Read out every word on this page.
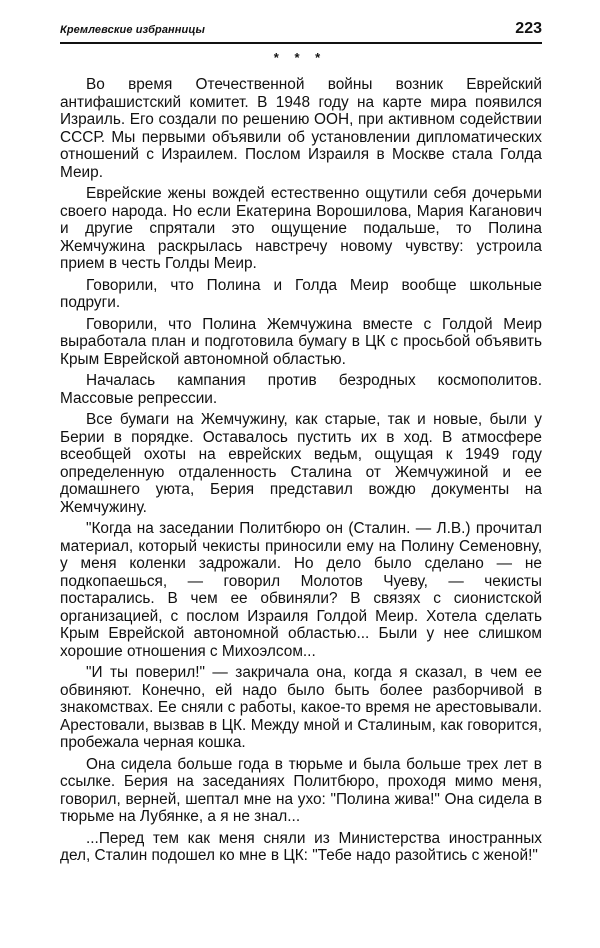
Кремлевские избранницы	223
* * *

Во время Отечественной войны возник Еврейский антифашистский комитет. В 1948 году на карте мира появился Израиль. Его создали по решению ООН, при активном содействии СССР. Мы первыми объявили об установлении дипломатических отношений с Израилем. Послом Израиля в Москве стала Голда Меир.

Еврейские жены вождей естественно ощутили себя дочерьми своего народа. Но если Екатерина Ворошилова, Мария Каганович и другие спрятали это ощущение подальше, то Полина Жемчужина раскрылась навстречу новому чувству: устроила прием в честь Голды Меир.

Говорили, что Полина и Голда Меир вообще школьные подруги.

Говорили, что Полина Жемчужина вместе с Голдой Меир выработала план и подготовила бумагу в ЦК с просьбой объявить Крым Еврейской автономной областью.

Началась кампания против безродных космополитов. Массовые репрессии.

Все бумаги на Жемчужину, как старые, так и новые, были у Берии в порядке. Оставалось пустить их в ход. В атмосфере всеобщей охоты на еврейских ведьм, ощущая к 1949 году определенную отдаленность Сталина от Жемчужиной и ее домашнего уюта, Берия представил вождю документы на Жемчужину.

"Когда на заседании Политбюро он (Сталин. — Л.В.) прочитал материал, который чекисты приносили ему на Полину Семеновну, у меня коленки задрожали. Но дело было сделано — не подкопаешься, — говорил Молотов Чуеву, — чекисты постарались. В чем ее обвиняли? В связях с сионистской организацией, с послом Израиля Голдой Меир. Хотела сделать Крым Еврейской автономной областью... Были у нее слишком хорошие отношения с Михоэлсом...

"И ты поверил!" — закричала она, когда я сказал, в чем ее обвиняют. Конечно, ей надо было быть более разборчивой в знакомствах. Ее сняли с работы, какое-то время не арестовывали. Арестовали, вызвав в ЦК. Между мной и Сталиным, как говорится, пробежала черная кошка.

Она сидела больше года в тюрьме и была больше трех лет в ссылке. Берия на заседаниях Политбюро, проходя мимо меня, говорил, верней, шептал мне на ухо: "Полина жива!" Она сидела в тюрьме на Лубянке, а я не знал...

...Перед тем как меня сняли из Министерства иностранных дел, Сталин подошел ко мне в ЦК: "Тебе надо разойтись с женой!"
